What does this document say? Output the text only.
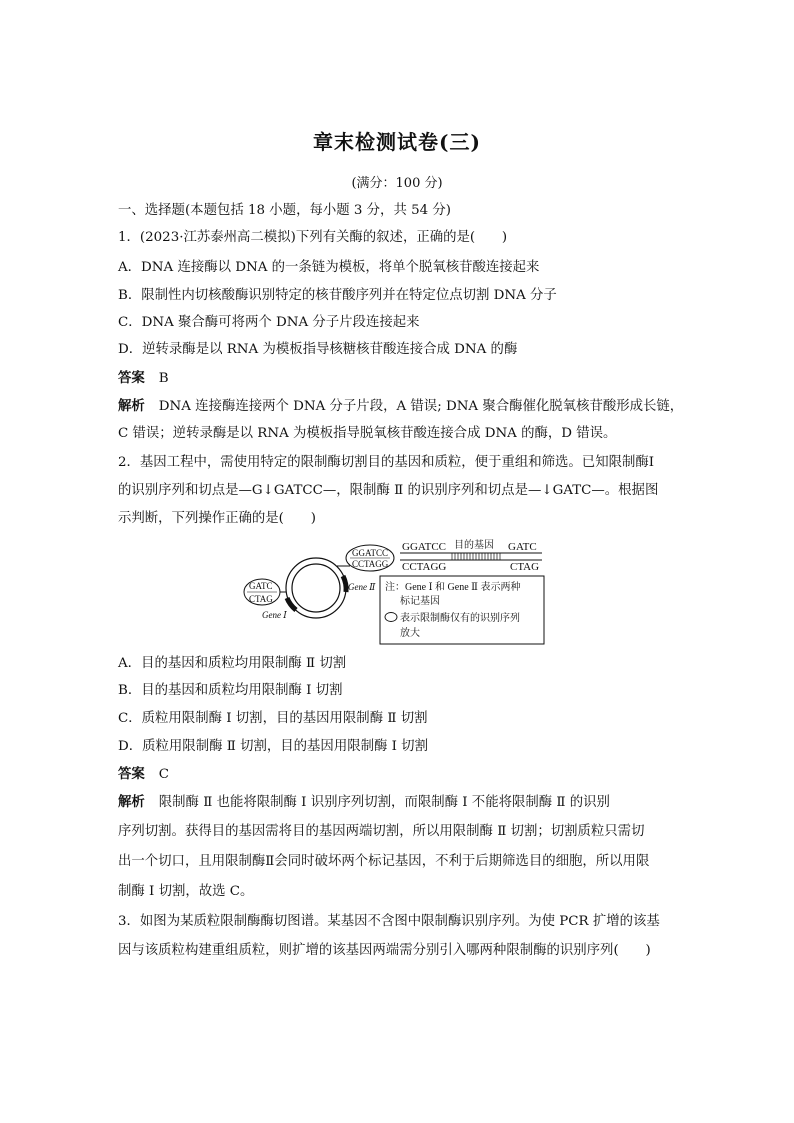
章末检测试卷(三)
(满分：100 分)
一、选择题(本题包括 18 小题，每小题 3 分，共 54 分)
1．(2023·江苏泰州高二模拟)下列有关酶的叙述，正确的是(　　)
A．DNA 连接酶以 DNA 的一条链为模板，将单个脱氧核苷酸连接起来
B．限制性内切核酸酶识别特定的核苷酸序列并在特定位点切割 DNA 分子
C．DNA 聚合酶可将两个 DNA 分子片段连接起来
D．逆转录酶是以 RNA 为模板指导核糖核苷酸连接合成 DNA 的酶
答案 B
解析 DNA 连接酶连接两个 DNA 分子片段，A 错误; DNA 聚合酶催化脱氧核苷酸形成长链，
C 错误；逆转录酶是以 RNA 为模板指导脱氧核苷酸连接合成 DNA 的酶，D 错误。
2．基因工程中，需使用特定的限制酶切割目的基因和质粒，便于重组和筛选。已知限制酶Ⅰ
的识别序列和切点是—G↓GATCC—，限制酶 Ⅱ 的识别序列和切点是—↓GATC—。根据图
示判断，下列操作正确的是(　　)
GGATCC 目的基因 GATC
CCTAGG	CTAG
GGATCC
CCTAGG
GATC
CTAG
Gene Ⅰ
Gene Ⅱ 注：Gene Ⅰ 和 Gene Ⅱ 表示两种
标记基因
表示限制酶仅有的识别序列
放大
A．目的基因和质粒均用限制酶 Ⅱ 切割
B．目的基因和质粒均用限制酶 Ⅰ 切割
C．质粒用限制酶 Ⅰ 切割，目的基因用限制酶 Ⅱ 切割
D．质粒用限制酶 Ⅱ 切割，目的基因用限制酶 Ⅰ 切割
答案 C
解析 限制酶 Ⅱ 也能将限制酶 Ⅰ 识别序列切割，而限制酶 Ⅰ 不能将限制酶 Ⅱ 的识别
序列切割。获得目的基因需将目的基因两端切割，所以用限制酶 Ⅱ 切割；切割质粒只需切
出一个切口，且用限制酶Ⅱ会同时破坏两个标记基因，不利于后期筛选目的细胞，所以用限
制酶 Ⅰ 切割，故选 C。
3．如图为某质粒限制酶酶切图谱。某基因不含图中限制酶识别序列。为使 PCR 扩增的该基
因与该质粒构建重组质粒，则扩增的该基因两端需分别引入哪两种限制酶的识别序列(　　)
